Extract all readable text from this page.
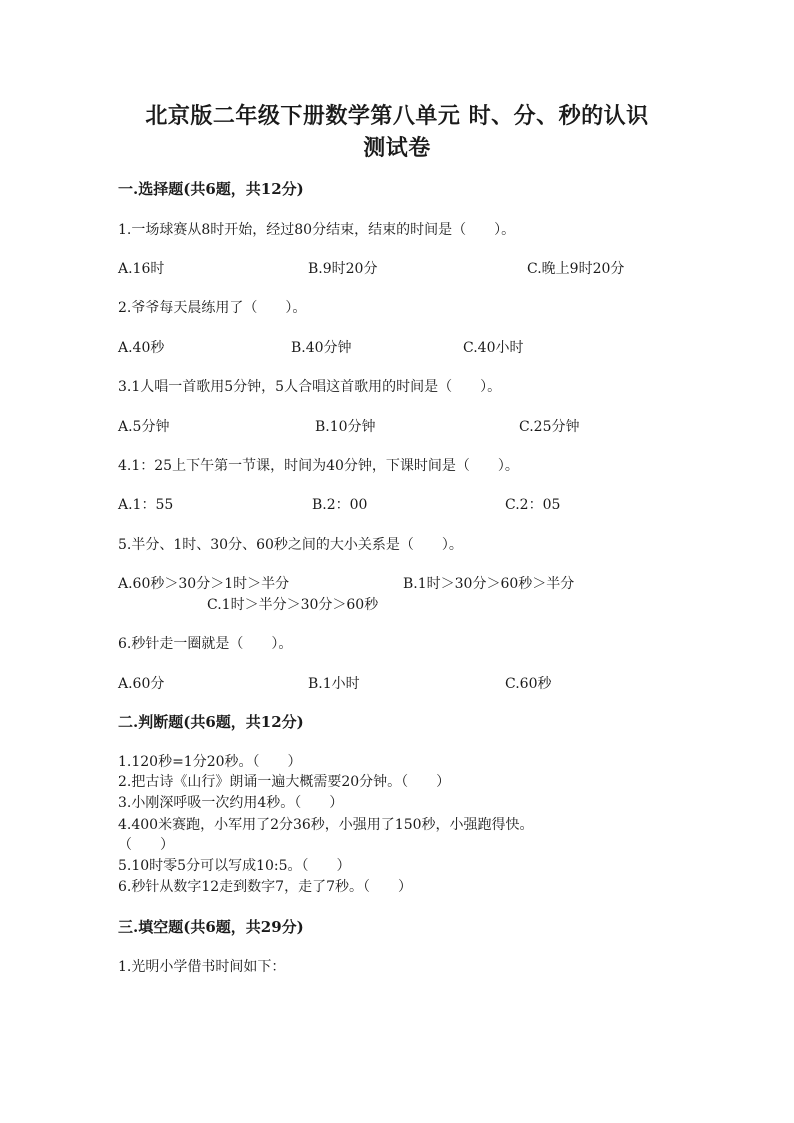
北京版二年级下册数学第八单元 时、分、秒的认识
测试卷
一.选择题(共6题，共12分)
1.一场球赛从8时开始，经过80分结束，结束的时间是（　　）。
A.16时	B.9时20分	C.晚上9时20分
2.爷爷每天晨练用了（　　）。
A.40秒	B.40分钟	C.40小时
3.1人唱一首歌用5分钟，5人合唱这首歌用的时间是（　　）。
A.5分钟	B.10分钟	C.25分钟
4.1：25上下午第一节课，时间为40分钟，下课时间是（　　）。
A.1：55	B.2：00	C.2：05
5.半分、1时、30分、60秒之间的大小关系是（　　）。
A.60秒＞30分＞1时＞半分	B.1时＞30分＞60秒＞半分
C.1时＞半分＞30分＞60秒
6.秒针走一圈就是（　　）。
A.60分	B.1小时	C.60秒
二.判断题(共6题，共12分)
1.120秒=1分20秒。（　　）
2.把古诗《山行》朗诵一遍大概需要20分钟。（　　）
3.小刚深呼吸一次约用4秒。（　　）
4.400米赛跑，小军用了2分36秒，小强用了150秒，小强跑得快。
（　　）
5.10时零5分可以写成10:5。（　　）
6.秒针从数字12走到数字7，走了7秒。（　　）
三.填空题(共6题，共29分)
1.光明小学借书时间如下：
